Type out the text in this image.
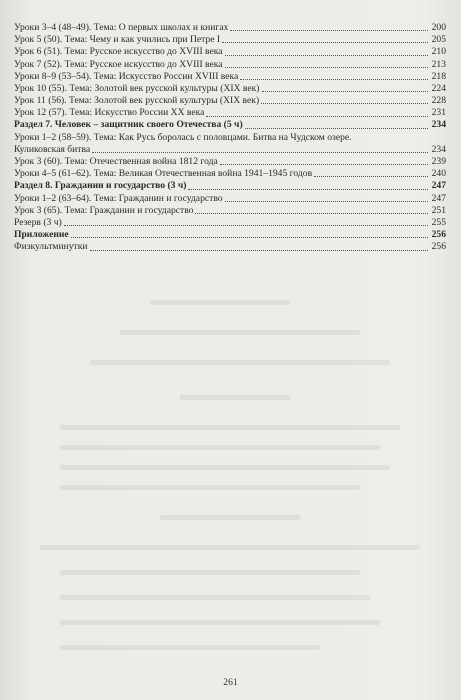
Уроки 3–4 (48–49). Тема: О первых школах и книгах	200
Урок 5 (50). Тема: Чему и как учились при Петре I	205
Урок 6 (51). Тема: Русское искусство до XVIII века	210
Урок 7 (52). Тема: Русское искусство до XVIII века	213
Уроки 8–9 (53–54). Тема: Искусство России XVIII века	218
Урок 10 (55). Тема: Золотой век русской культуры (XIX век)	224
Урок 11 (56). Тема: Золотой век русской культуры (XIX век)	228
Урок 12 (57). Тема: Искусство России XX века	231
Раздел 7. Человек – защитник своего Отечества (5 ч)	234
Уроки 1–2 (58–59). Тема: Как Русь боролась с половцами. Битва на Чудском озере.
Куликовская битва	234
Урок 3 (60). Тема: Отечественная война 1812 года	239
Уроки 4–5 (61–62). Тема: Великая Отечественная война 1941–1945 годов	240
Раздел 8. Гражданин и государство (3 ч)	247
Уроки 1–2 (63–64). Тема: Гражданин и государство	247
Урок 3 (65). Тема: Гражданин и государство	251
Резерв (3 ч)	255
Приложение	256
Физкультминутки	256
261
